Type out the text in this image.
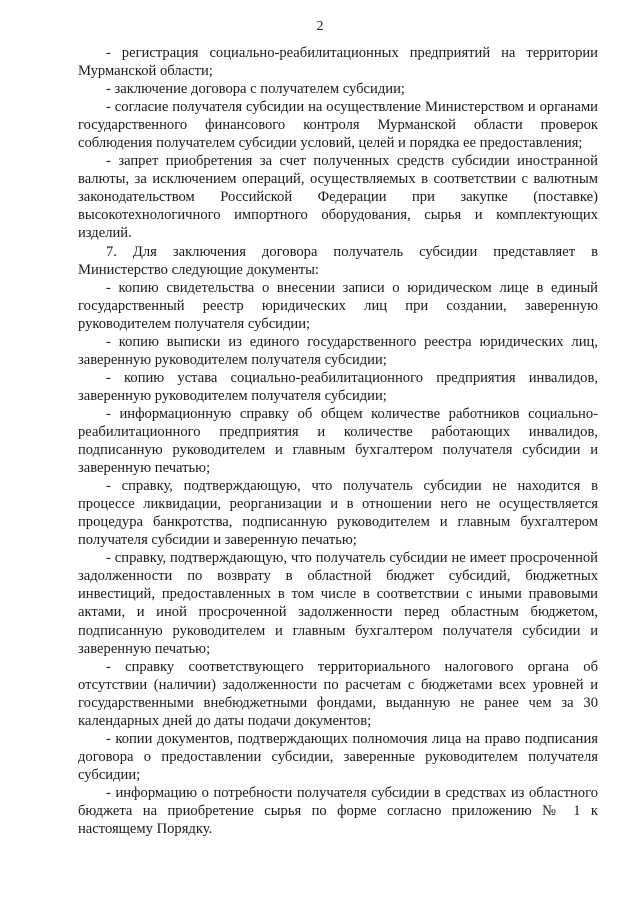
2

- регистрация социально-реабилитационных предприятий на территории Мурманской области;

- заключение договора с получателем субсидии;

- согласие получателя субсидии на осуществление Министерством и органами государственного финансового контроля Мурманской области проверок соблюдения получателем субсидии условий, целей и порядка ее предоставления;

- запрет приобретения за счет полученных средств субсидии иностранной валюты, за исключением операций, осуществляемых в соответствии с валютным законодательством Российской Федерации при закупке (поставке) высокотехнологичного импортного оборудования, сырья и комплектующих изделий.

7. Для заключения договора получатель субсидии представляет в Министерство следующие документы:

- копию свидетельства о внесении записи о юридическом лице в единый государственный реестр юридических лиц при создании, заверенную руководителем получателя субсидии;

- копию выписки из единого государственного реестра юридических лиц, заверенную руководителем получателя субсидии;

- копию устава социально-реабилитационного предприятия инвалидов, заверенную руководителем получателя субсидии;

- информационную справку об общем количестве работников социально-реабилитационного предприятия и количестве работающих инвалидов, подписанную руководителем и главным бухгалтером получателя субсидии и заверенную печатью;

- справку, подтверждающую, что получатель субсидии не находится в процессе ликвидации, реорганизации и в отношении него не осуществляется процедура банкротства, подписанную руководителем и главным бухгалтером получателя субсидии и заверенную печатью;

- справку, подтверждающую, что получатель субсидии не имеет просроченной задолженности по возврату в областной бюджет субсидий, бюджетных инвестиций, предоставленных в том числе в соответствии с иными правовыми актами, и иной просроченной задолженности перед областным бюджетом, подписанную руководителем и главным бухгалтером получателя субсидии и заверенную печатью;

- справку соответствующего территориального налогового органа об отсутствии (наличии) задолженности по расчетам с бюджетами всех уровней и государственными внебюджетными фондами, выданную не ранее чем за 30 календарных дней до даты подачи документов;

- копии документов, подтверждающих полномочия лица на право подписания договора о предоставлении субсидии, заверенные руководителем получателя субсидии;

- информацию о потребности получателя субсидии в средствах из областного бюджета на приобретение сырья по форме согласно приложению № 1 к настоящему Порядку.
